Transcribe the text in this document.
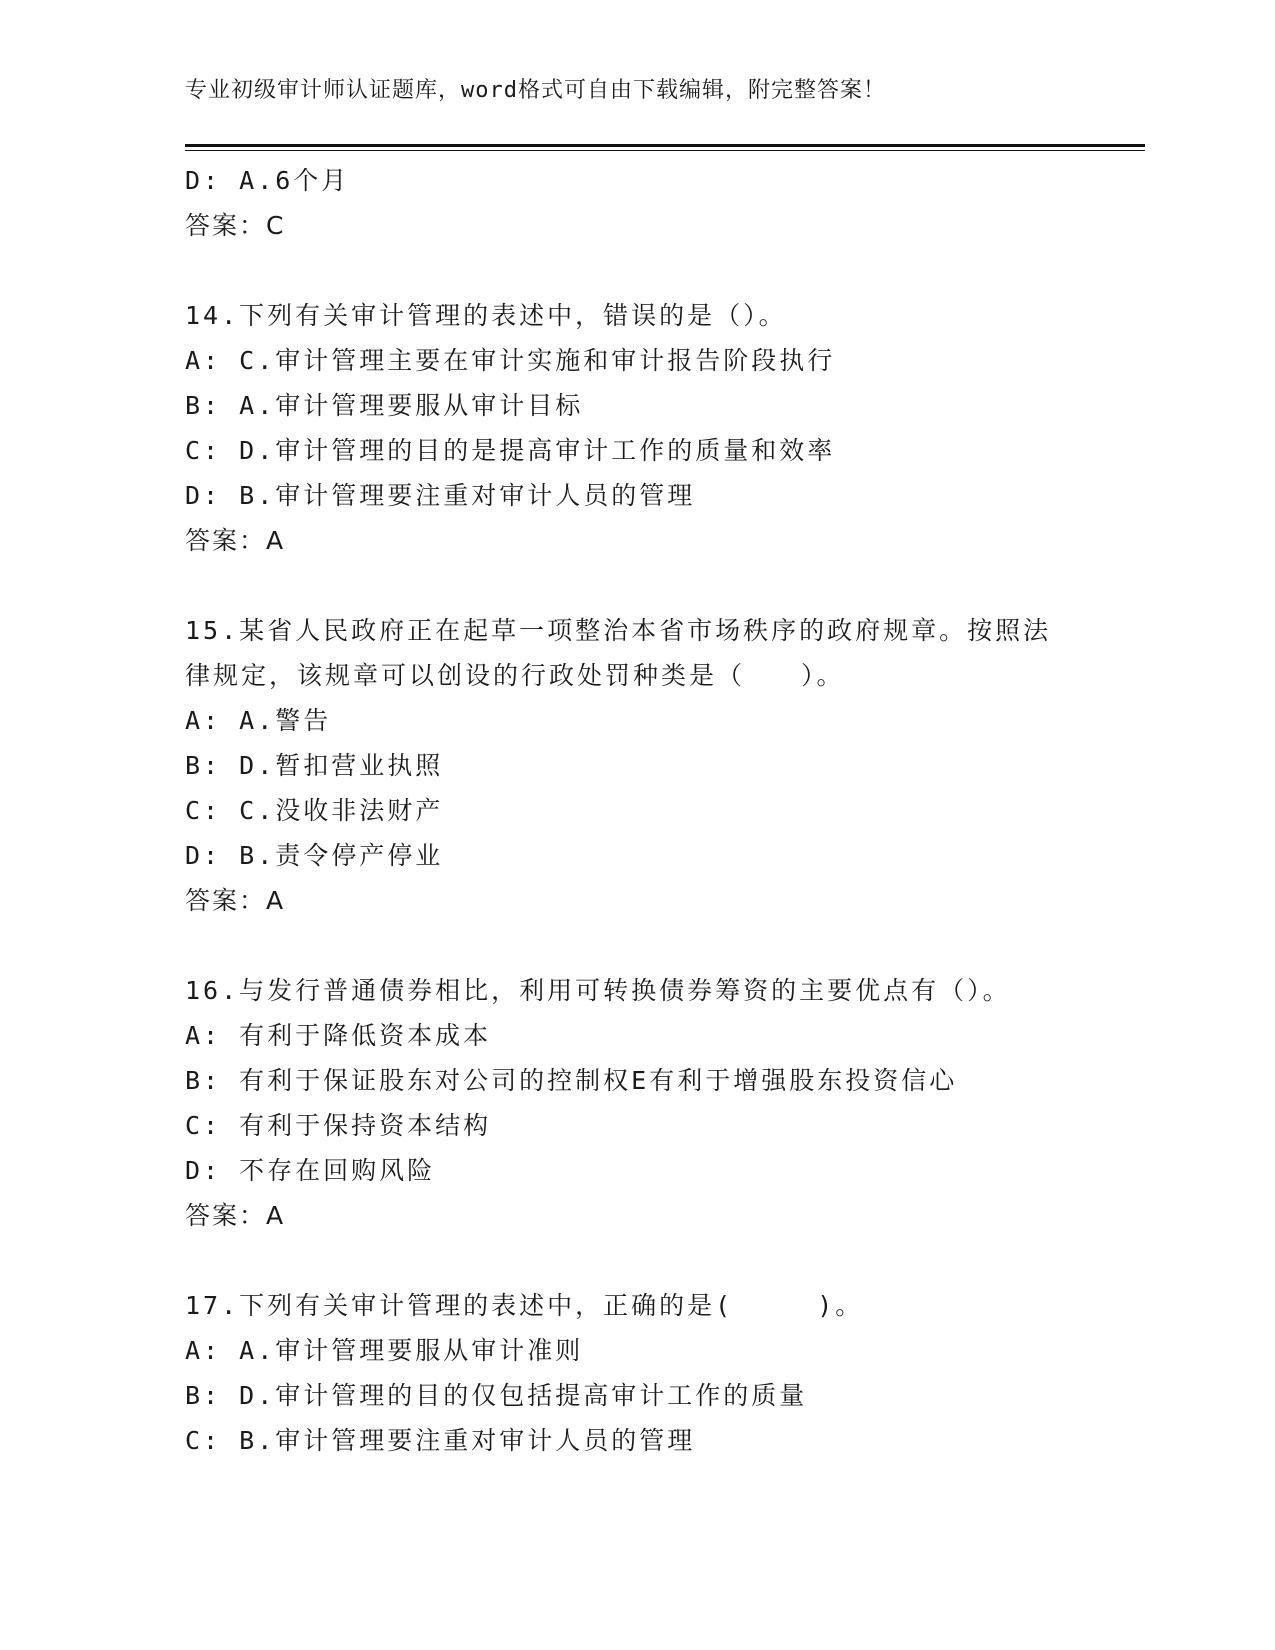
专业初级审计师认证题库，word格式可自由下载编辑，附完整答案！
D: A.6个月
答案：C
14.下列有关审计管理的表述中，错误的是（）。
A: C.审计管理主要在审计实施和审计报告阶段执行
B: A.审计管理要服从审计目标
C: D.审计管理的目的是提高审计工作的质量和效率
D: B.审计管理要注重对审计人员的管理
答案：A
15.某省人民政府正在起草一项整治本省市场秩序的政府规章。按照法
律规定，该规章可以创设的行政处罚种类是（　　）。
A: A.警告
B: D.暂扣营业执照
C: C.没收非法财产
D: B.责令停产停业
答案：A
16.与发行普通债券相比，利用可转换债券筹资的主要优点有（）。
A: 有利于降低资本成本
B: 有利于保证股东对公司的控制权E有利于增强股东投资信心
C: 有利于保持资本结构
D: 不存在回购风险
答案：A
17.下列有关审计管理的表述中，正确的是(　　　)。
A: A.审计管理要服从审计准则
B: D.审计管理的目的仅包括提高审计工作的质量
C: B.审计管理要注重对审计人员的管理
